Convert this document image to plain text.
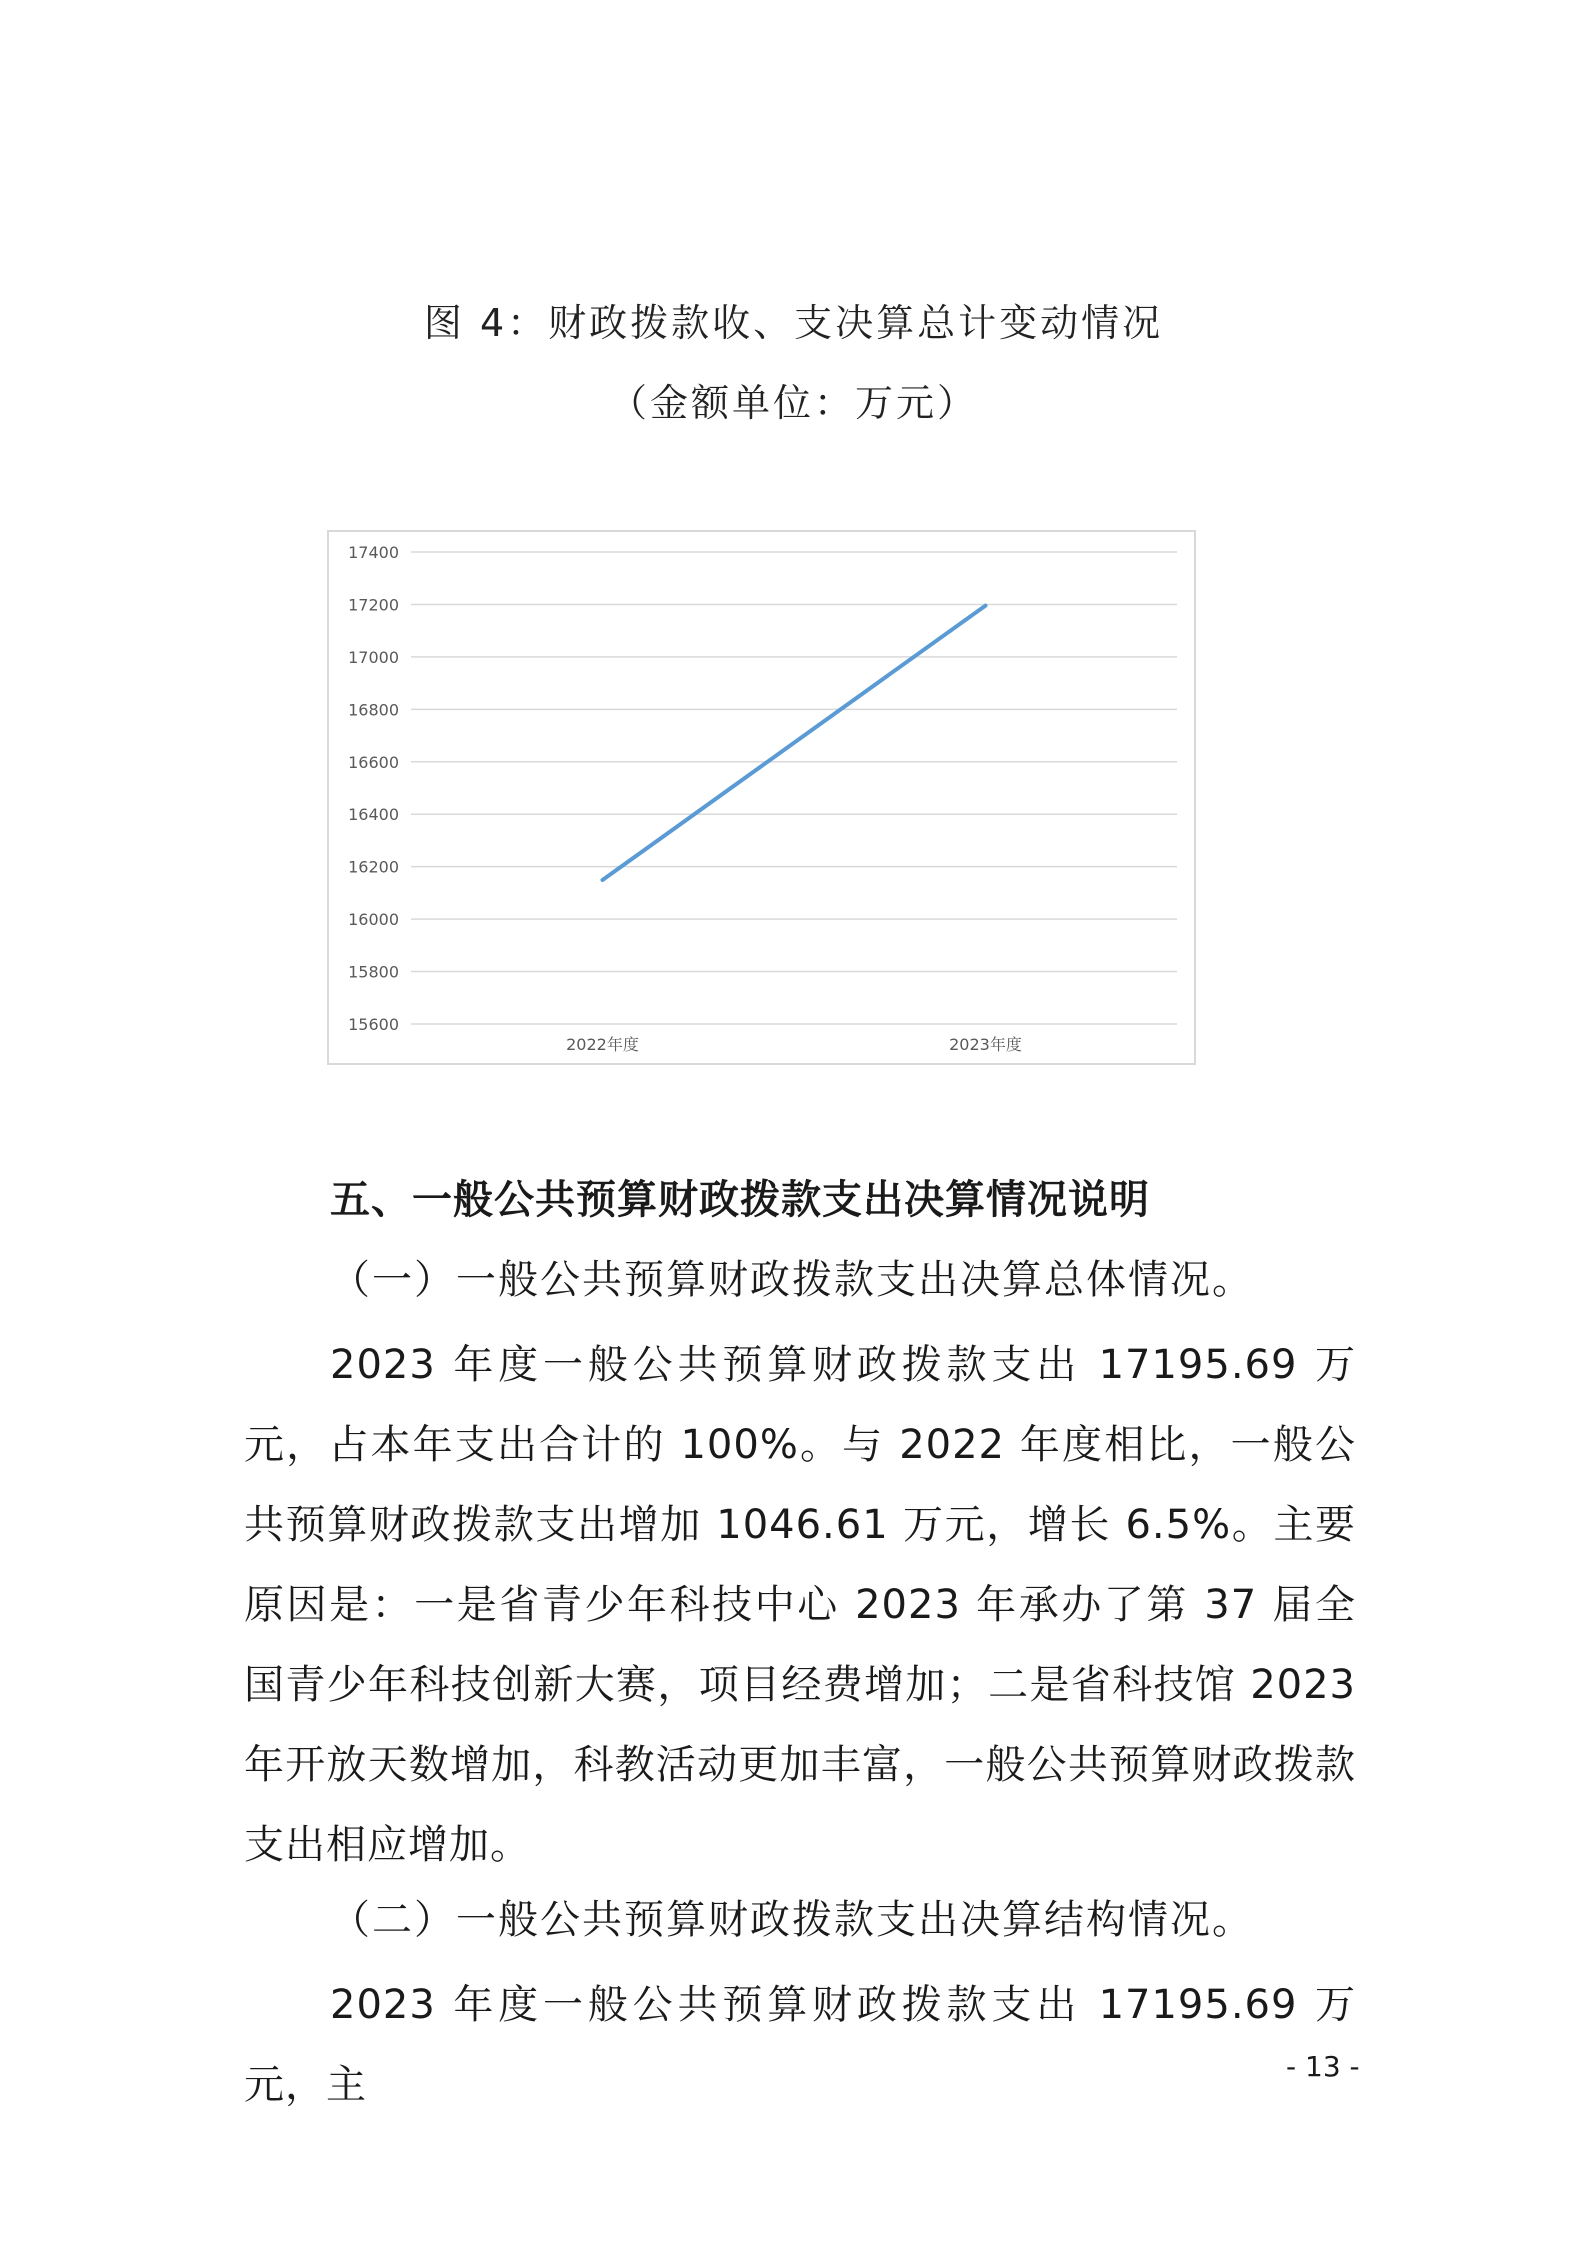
图 4：财政拨款收、支决算总计变动情况
（金额单位：万元）
15600
15800
16000
16200
16400
16600
16800
17000
17200
17400
2022年度	2023年度
五、一般公共预算财政拨款支出决算情况说明
（一）一般公共预算财政拨款支出决算总体情况。
2023 年度一般公共预算财政拨款支出 17195.69 万元，占本年支出合计的 100%。与 2022 年度相比，一般公共预算财政拨款支出增加 1046.61 万元，增长 6.5%。主要原因是：一是省青少年科技中心 2023 年承办了第 37 届全国青少年科技创新大赛，项目经费增加；二是省科技馆 2023 年开放天数增加，科教活动更加丰富，一般公共预算财政拨款支出相应增加。
（二）一般公共预算财政拨款支出决算结构情况。
2023 年度一般公共预算财政拨款支出 17195.69 万元，主	- 13 -
